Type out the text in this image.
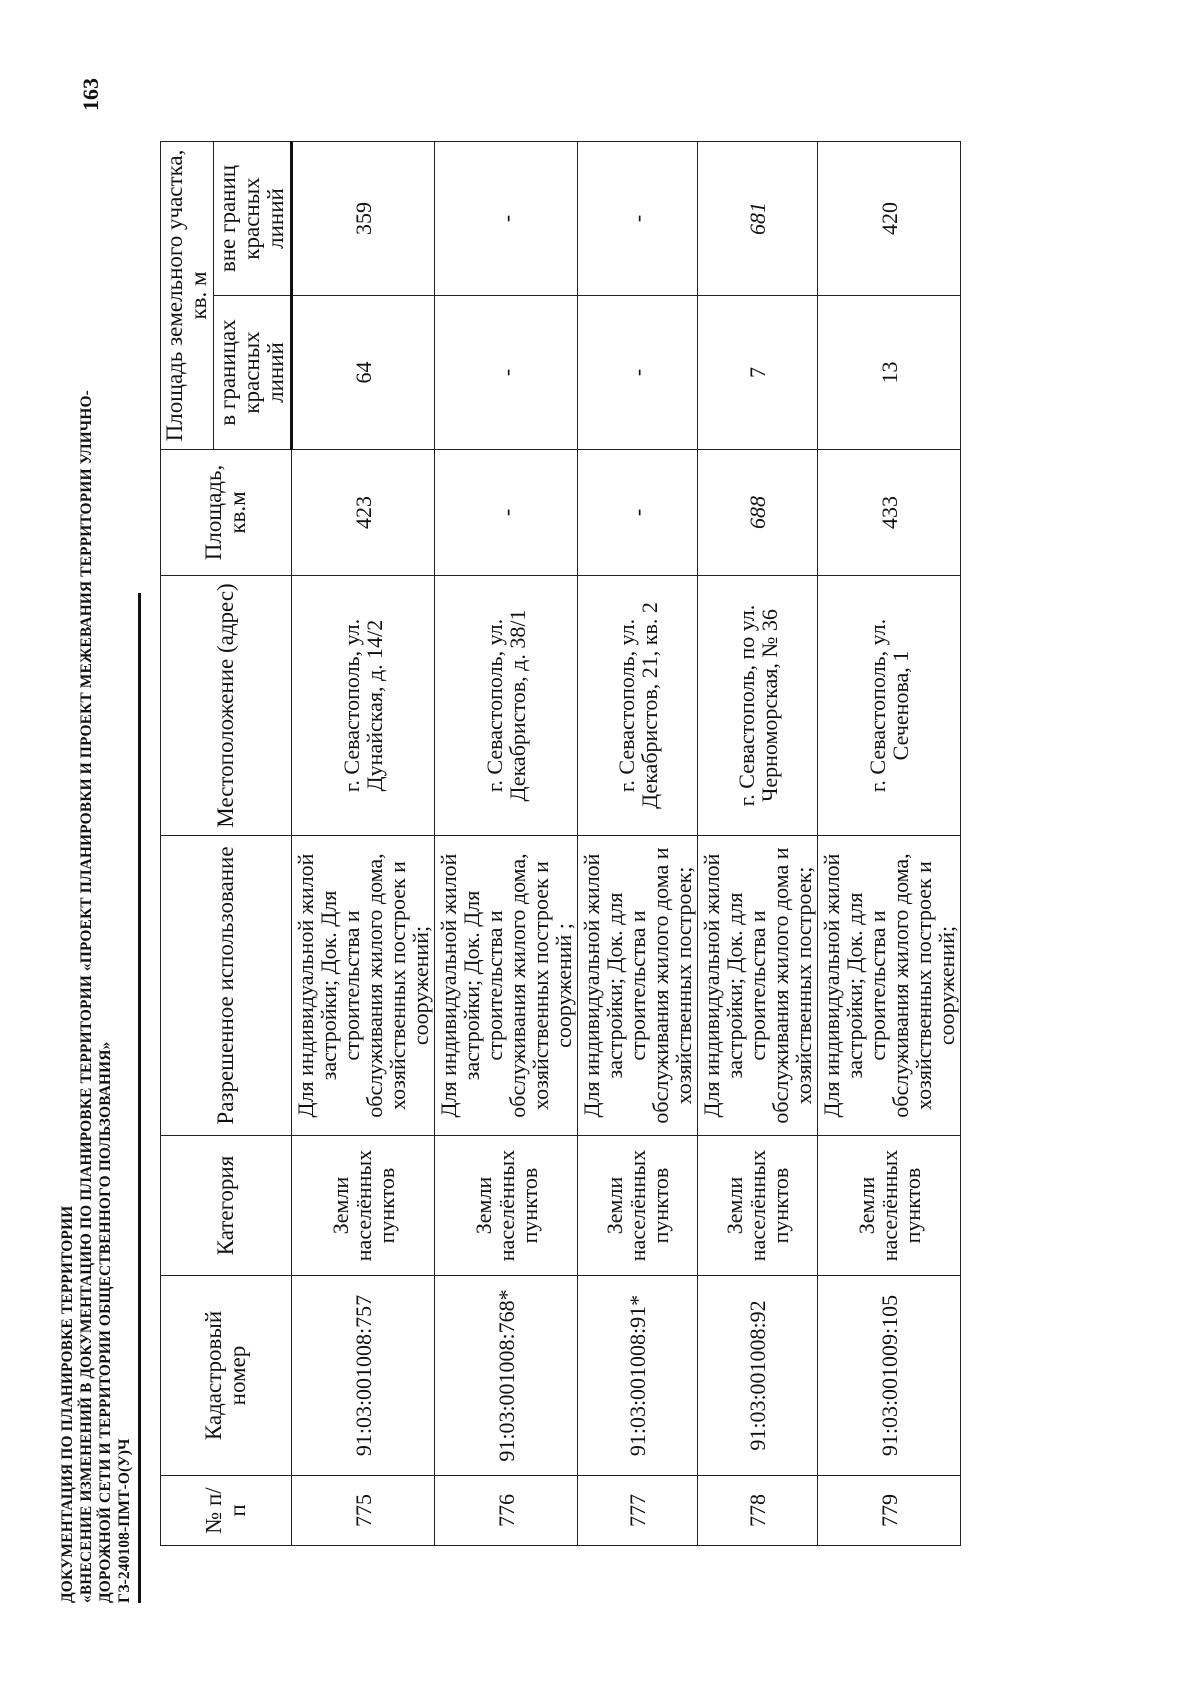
ДОКУМЕНТАЦИЯ ПО ПЛАНИРОВКЕ ТЕРРИТОРИИ «ВНЕСЕНИЕ ИЗМЕНЕНИЙ В ДОКУМЕНТАЦИЮ ПО ПЛАНИРОВКЕ ТЕРРИТОРИИ «ПРОЕКТ ПЛАНИРОВКИ И ПРОЕКТ МЕЖЕВАНИЯ ТЕРРИТОРИИ УЛИЧНО- ДОРОЖНОЙ СЕТИ И ТЕРРИТОРИИ ОБЩЕСТВЕННОГО ПОЛЬЗОВАНИЯ» ГЗ-240108-ПМТ-О(У)Ч
163
№ п/п	Кадастровый номер	Категория	Разрешенное использование	Местоположение (адрес)	Площадь, кв.м	Площадь земельного участка, кв. м	
						в границах красных линий	вне границ красных линий
775	91:03:001008:757	Земли населённых пунктов	Для индивидуальной жилой застройки; Док. Для строительства и обслуживания жилого дома, хозяйственных построек и сооружений;	г. Севастополь, ул. Дунайская, д. 14/2	423	64	359
776	91:03:001008:768*	Земли населённых пунктов	Для индивидуальной жилой застройки; Док. Для строительства и обслуживания жилого дома, хозяйственных построек и сооружений ;	г. Севастополь, ул. Декабристов, д. 38/1	-	-	-
777	91:03:001008:91*	Земли населённых пунктов	Для индивидуальной жилой застройки; Док. для строительства и обслуживания жилого дома и хозяйственных построек;	г. Севастополь, ул. Декабристов, 21, кв. 2	-	-	-
778	91:03:001008:92	Земли населённых пунктов	Для индивидуальной жилой застройки; Док. для строительства и обслуживания жилого дома и хозяйственных построек;	г. Севастополь, по ул. Черноморская, № 36	688	7	681
779	91:03:001009:105	Земли населённых пунктов	Для индивидуальной жилой застройки; Док. для строительства и обслуживания жилого дома, хозяйственных построек и сооружений;	г. Севастополь, ул. Сеченова, 1	433	13	420
